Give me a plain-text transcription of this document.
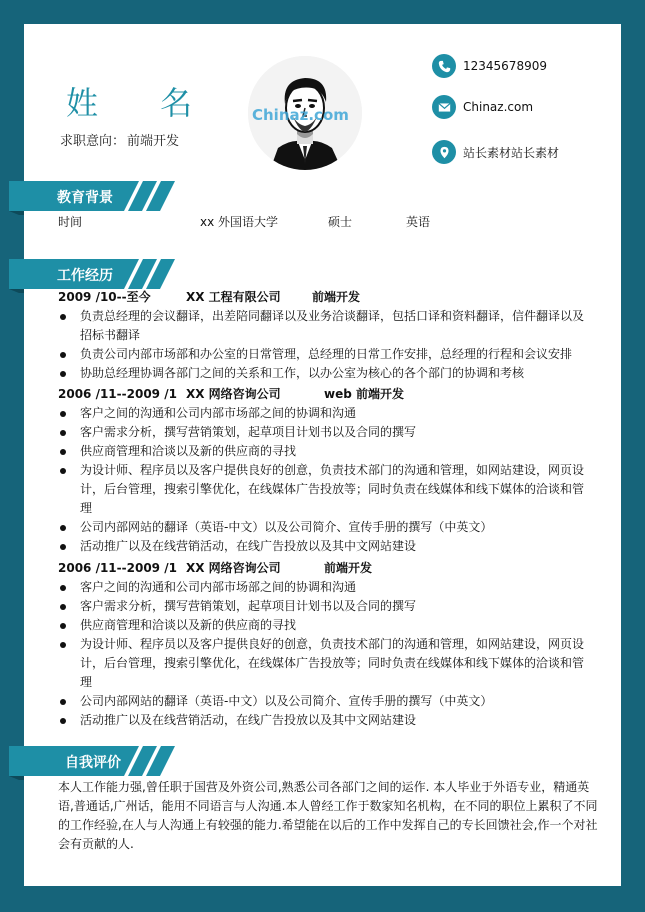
姓 名
求职意向： 前端开发
Chinaz.com
12345678909
Chinaz.com
站长素材站长素材
教育背景
时间	xx 外国语大学	硕士	英语
工作经历
2009 /10--至今	XX 工程有限公司	前端开发
负责总经理的会议翻译，出差陪同翻译以及业务洽谈翻译，包括口译和资料翻译，信件翻译以及招标书翻译
负责公司内部市场部和办公室的日常管理，总经理的日常工作安排，总经理的行程和会议安排
协助总经理协调各部门之间的关系和工作，以办公室为核心的各个部门的协调和考核
2006 /11--2009 /1 XX 网络咨询公司	web 前端开发
客户之间的沟通和公司内部市场部之间的协调和沟通
客户需求分析，撰写营销策划，起草项目计划书以及合同的撰写
供应商管理和洽谈以及新的供应商的寻找
为设计师、程序员以及客户提供良好的创意，负责技术部门的沟通和管理，如网站建设，网页设计，后台管理，搜索引擎优化，在线媒体广告投放等；同时负责在线媒体和线下媒体的洽谈和管理
公司内部网站的翻译（英语-中文）以及公司简介、宣传手册的撰写（中英文）
活动推广以及在线营销活动，在线广告投放以及其中文网站建设
2006 /11--2009 /1 XX 网络咨询公司	前端开发
客户之间的沟通和公司内部市场部之间的协调和沟通
客户需求分析，撰写营销策划，起草项目计划书以及合同的撰写
供应商管理和洽谈以及新的供应商的寻找
为设计师、程序员以及客户提供良好的创意，负责技术部门的沟通和管理，如网站建设，网页设计，后台管理，搜索引擎优化，在线媒体广告投放等；同时负责在线媒体和线下媒体的洽谈和管理
公司内部网站的翻译（英语-中文）以及公司简介、宣传手册的撰写（中英文）
活动推广以及在线营销活动，在线广告投放以及其中文网站建设
自我评价
本人工作能力强,曾任职于国营及外资公司,熟悉公司各部门之间的运作. 本人毕业于外语专业，精通英语,普通话,广州话，能用不同语言与人沟通.本人曾经工作于数家知名机构，在不同的职位上累积了不同的工作经验,在人与人沟通上有较强的能力.希望能在以后的工作中发挥自己的专长回馈社会,作一个对社会有贡献的人.
